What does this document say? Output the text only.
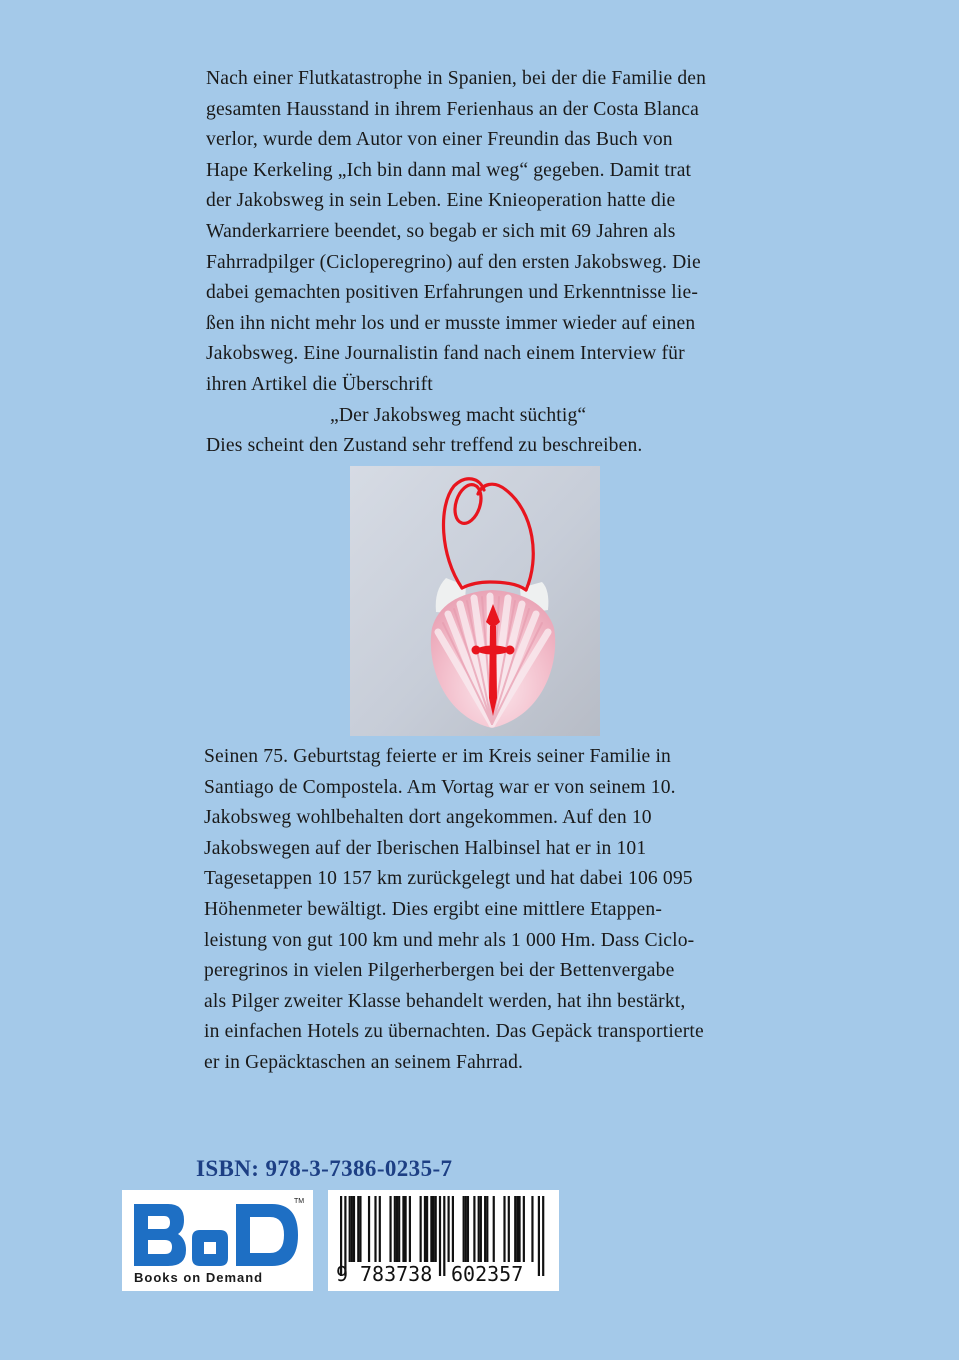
Nach einer Flutkatastrophe in Spanien, bei der die Familie den
gesamten Hausstand in ihrem Ferienhaus an der Costa Blanca
verlor, wurde dem Autor von einer Freundin das Buch von
Hape Kerkeling „Ich bin dann mal weg“ gegeben. Damit trat
der Jakobsweg in sein Leben. Eine Knieoperation hatte die
Wanderkarriere beendet, so begab er sich mit 69 Jahren als
Fahrradpilger (Cicloperegrino) auf den ersten Jakobsweg. Die
dabei gemachten positiven Erfahrungen und Erkenntnisse lie-
ßen ihn nicht mehr los und er musste immer wieder auf einen
Jakobsweg. Eine Journalistin fand nach einem Interview für
ihren Artikel die Überschrift
„Der Jakobsweg macht süchtig“
Dies scheint den Zustand sehr treffend zu beschreiben.
Seinen 75. Geburtstag feierte er im Kreis seiner Familie in
Santiago de Compostela. Am Vortag war er von seinem 10.
Jakobsweg wohlbehalten dort angekommen. Auf den 10
Jakobswegen auf der Iberischen Halbinsel hat er in 101
Tagesetappen 10 157 km zurückgelegt und hat dabei 106 095
Höhenmeter bewältigt. Dies ergibt eine mittlere Etappen-
leistung von gut 100 km und mehr als 1 000 Hm. Dass Ciclo-
peregrinos in vielen Pilgerherbergen bei der Bettenvergabe
als Pilger zweiter Klasse behandelt werden, hat ihn bestärkt,
in einfachen Hotels zu übernachten. Das Gepäck transportierte
er in Gepäcktaschen an seinem Fahrrad.
ISBN: 978-3-7386-0235-7
TM
Books on Demand	9 783738 602357
